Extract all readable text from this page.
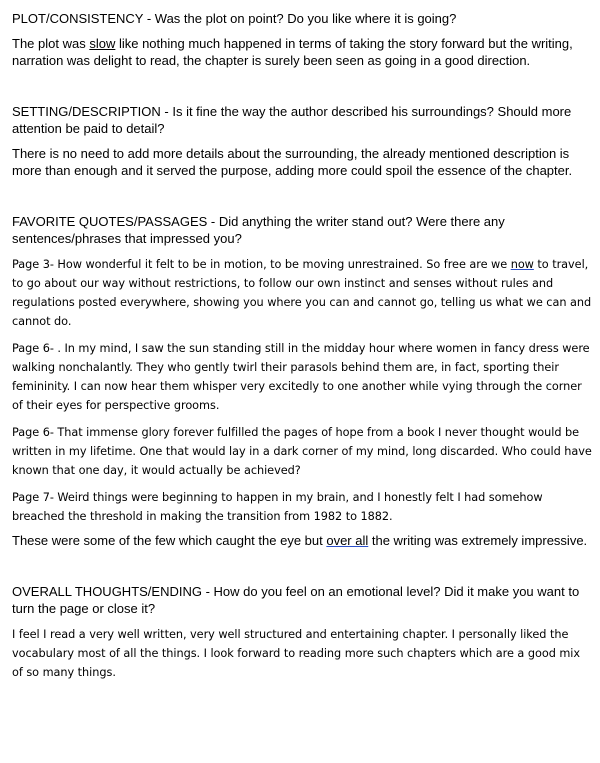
PLOT/CONSISTENCY - Was the plot on point? Do you like where it is going?

The plot was slow like nothing much happened in terms of taking the story forward but the writing, narration was delight to read, the chapter is surely been seen as going in a good direction.

SETTING/DESCRIPTION - Is it fine the way the author described his surroundings? Should more attention be paid to detail?

There is no need to add more details about the surrounding, the already mentioned description is more than enough and it served the purpose, adding more could spoil the essence of the chapter.

FAVORITE QUOTES/PASSAGES - Did anything the writer stand out? Were there any sentences/phrases that impressed you?

Page 3- How wonderful it felt to be in motion, to be moving unrestrained. So free are we now to travel, to go about our way without restrictions, to follow our own instinct and senses without rules and regulations posted everywhere, showing you where you can and cannot go, telling us what we can and cannot do.

Page 6- . In my mind, I saw the sun standing still in the midday hour where women in fancy dress were walking nonchalantly. They who gently twirl their parasols behind them are, in fact, sporting their femininity. I can now hear them whisper very excitedly to one another while vying through the corner of their eyes for perspective grooms.

Page 6- That immense glory forever fulfilled the pages of hope from a book I never thought would be written in my lifetime. One that would lay in a dark corner of my mind, long discarded. Who could have known that one day, it would actually be achieved?

Page 7- Weird things were beginning to happen in my brain, and I honestly felt I had somehow breached the threshold in making the transition from 1982 to 1882.

These were some of the few which caught the eye but over all the writing was extremely impressive.

OVERALL THOUGHTS/ENDING - How do you feel on an emotional level? Did it make you want to turn the page or close it?

I feel I read a very well written, very well structured and entertaining chapter. I personally liked the vocabulary most of all the things. I look forward to reading more such chapters which are a good mix of so many things.
